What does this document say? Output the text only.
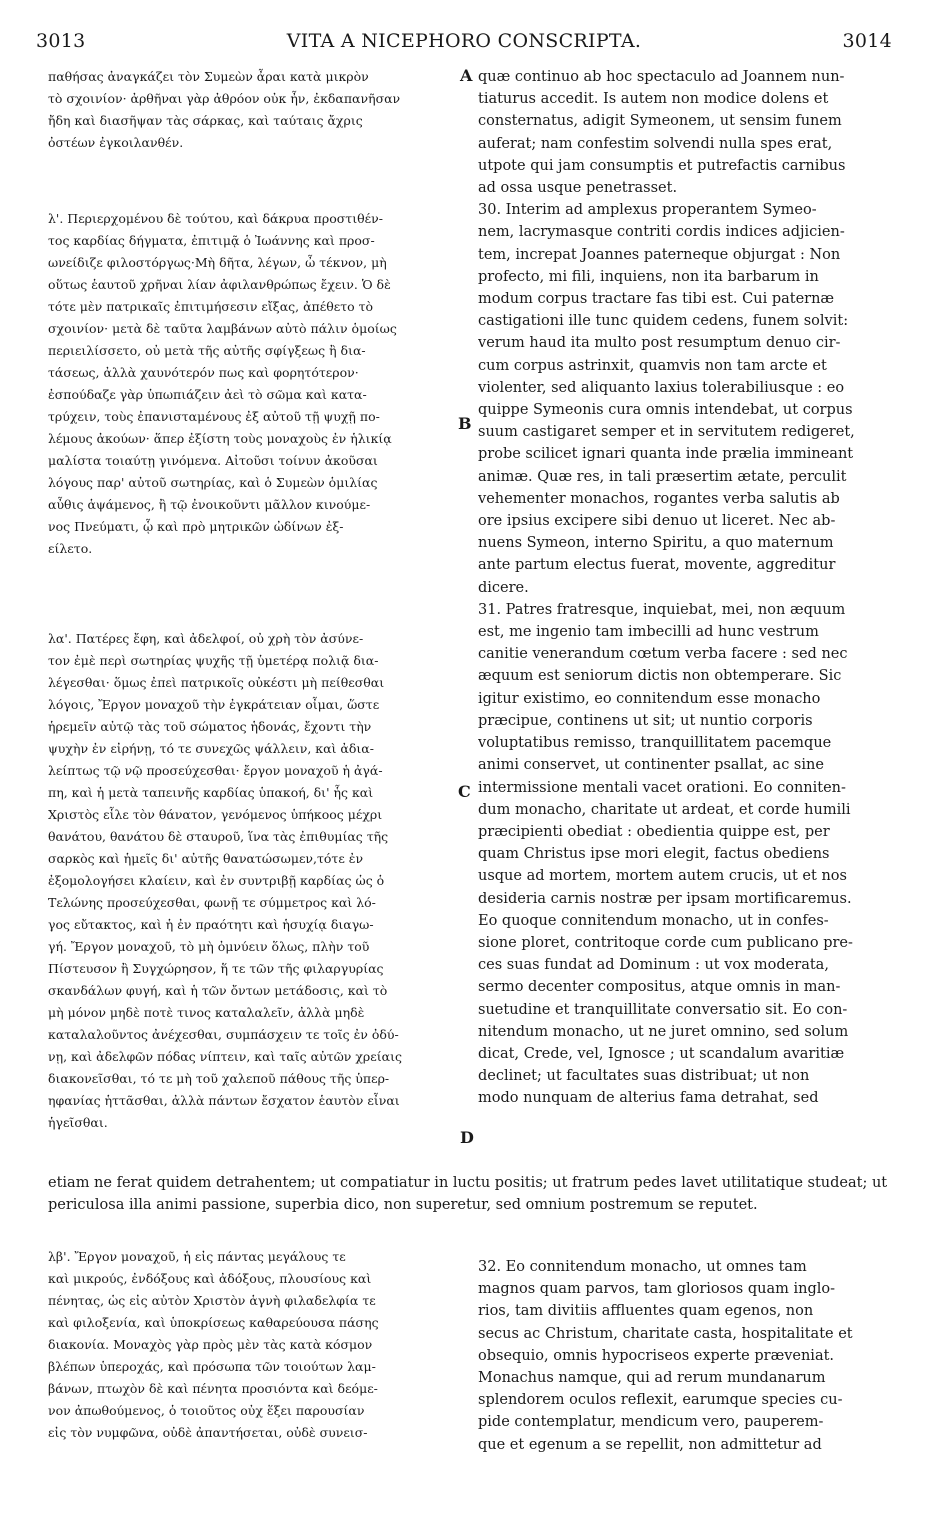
3013	VITA A NICEPHORO CONSCRIPTA.	3014
A
B
C
D
παθήσας ἀναγκάζει τὸν Συμεὼν ἆραι κατὰ μικρὸν
τὸ σχοινίον· ἀρθῆναι γὰρ ἀθρόον οὐκ ἦν, ἐκδαπανῆσαν
ἤδη καὶ διασῆψαν τὰς σάρκας, καὶ ταύταις ἄχρις
ὀστέων ἐγκοιλανθέν.
λ'. Περιερχομένου δὲ τούτου, καὶ δάκρυα προστιθέν-
τος καρδίας δήγματα, ἐπιτιμᾷ ὁ Ἰωάννης καὶ προσ-
ωνείδιζε φιλοστόργως·Μὴ δῆτα, λέγων, ὦ τέκνον, μὴ
οὕτως ἑαυτοῦ χρῆναι λίαν ἀφιλανθρώπως ἔχειν. Ὁ δὲ
τότε μὲν πατρικαῖς ἐπιτιμήσεσιν εἴξας, ἀπέθετο τὸ
σχοινίον· μετὰ δὲ ταῦτα λαμβάνων αὐτὸ πάλιν ὁμοίως
περιειλίσσετο, οὐ μετὰ τῆς αὐτῆς σφίγξεως ἢ δια-
τάσεως, ἀλλὰ χαυνότερόν πως καὶ φορητότερον·
ἐσπούδαζε γὰρ ὑπωπιάζειν ἀεὶ τὸ σῶμα καὶ κατα-
τρύχειν, τοὺς ἐπανισταμένους ἐξ αὐτοῦ τῇ ψυχῇ πο-
λέμους ἀκούων· ἅπερ ἐξίστη τοὺς μοναχοὺς ἐν ἡλικίᾳ
μαλίστα τοιαύτῃ γινόμενα. Αἰτοῦσι τοίνυν ἀκοῦσαι
λόγους παρ' αὐτοῦ σωτηρίας, καὶ ὁ Συμεὼν ὁμιλίας
αὖθις ἁψάμενος, ἢ τῷ ἐνοικοῦντι μᾶλλον κινούμε-
νος Πνεύματι, ᾧ καὶ πρὸ μητρικῶν ὠδίνων ἐξ-
είλετο.
λα'. Πατέρες ἔφη, καὶ ἀδελφοί, οὐ χρὴ τὸν ἀσύνε-
τον ἐμὲ περὶ σωτηρίας ψυχῆς τῇ ὑμετέρᾳ πολιᾷ δια-
λέγεσθαι· ὅμως ἐπεὶ πατρικοῖς οὐκέστι μὴ πείθεσθαι
λόγοις, Ἔργον μοναχοῦ τὴν ἐγκράτειαν οἶμαι, ὥστε
ἡρεμεῖν αὐτῷ τὰς τοῦ σώματος ἡδονάς, ἔχοντι τὴν
ψυχὴν ἐν εἰρήνῃ, τό τε συνεχῶς ψάλλειν, καὶ ἀδια-
λείπτως τῷ νῷ προσεύχεσθαι· ἔργον μοναχοῦ ἡ ἀγά-
πη, καὶ ἡ μετὰ ταπεινῆς καρδίας ὑπακοή, δι' ἧς καὶ
Χριστὸς εἷλε τὸν θάνατον, γενόμενος ὑπήκοος μέχρι
θανάτου, θανάτου δὲ σταυροῦ, ἵνα τὰς ἐπιθυμίας τῆς
σαρκὸς καὶ ἡμεῖς δι' αὐτῆς θανατώσωμεν,τότε ἐν
ἐξομολογήσει κλαίειν, καὶ ἐν συντριβῇ καρδίας ὡς ὁ
Τελώνης προσεύχεσθαι, φωνῇ τε σύμμετρος καὶ λό-
γος εὔτακτος, καὶ ἡ ἐν πραότητι καὶ ἡσυχίᾳ διαγω-
γή. Ἔργον μοναχοῦ, τὸ μὴ ὀμνύειν ὅλως, πλὴν τοῦ
Πίστευσον ἢ Συγχώρησον, ἥ τε τῶν τῆς φιλαργυρίας
σκανδάλων φυγή, καὶ ἡ τῶν ὄντων μετάδοσις, καὶ τὸ
μὴ μόνον μηδὲ ποτὲ τινος καταλαλεῖν, ἀλλὰ μηδὲ
καταλαλοῦντος ἀνέχεσθαι, συμπάσχειν τε τοῖς ἐν ὀδύ-
νῃ, καὶ ἀδελφῶν πόδας νίπτειν, καὶ ταῖς αὐτῶν χρείαις
διακονεῖσθαι, τό τε μὴ τοῦ χαλεποῦ πάθους τῆς ὑπερ-
ηφανίας ἡττᾶσθαι, ἀλλὰ πάντων ἔσχατον ἑαυτὸν εἶναι
ἡγεῖσθαι.
quæ continuo ab hoc spectaculo ad Joannem nun-
tiaturus accedit. Is autem non modice dolens et
consternatus, adigit Symeonem, ut sensim funem
auferat; nam confestim solvendi nulla spes erat,
utpote qui jam consumptis et putrefactis carnibus
ad ossa usque penetrasset.
30. Interim ad amplexus properantem Symeo-
nem, lacrymasque contriti cordis indices adjicien-
tem, increpat Joannes paterneque objurgat : Non
profecto, mi fili, inquiens, non ita barbarum in
modum corpus tractare fas tibi est. Cui paternæ
castigationi ille tunc quidem cedens, funem solvit:
verum haud ita multo post resumptum denuo cir-
cum corpus astrinxit, quamvis non tam arcte et
violenter, sed aliquanto laxius tolerabiliusque : eo
quippe Symeonis cura omnis intendebat, ut corpus
suum castigaret semper et in servitutem redigeret,
probe scilicet ignari quanta inde prælia immineant
animæ. Quæ res, in tali præsertim ætate, perculit
vehementer monachos, rogantes verba salutis ab
ore ipsius excipere sibi denuo ut liceret. Nec ab-
nuens Symeon, interno Spiritu, a quo maternum
ante partum electus fuerat, movente, aggreditur
dicere.
31. Patres fratresque, inquiebat, mei, non æquum
est, me ingenio tam imbecilli ad hunc vestrum
canitie venerandum cœtum verba facere : sed nec
æquum est seniorum dictis non obtemperare. Sic
igitur existimo, eo connitendum esse monacho
præcipue, continens ut sit; ut nuntio corporis
voluptatibus remisso, tranquillitatem pacemque
animi conservet, ut continenter psallat, ac sine
intermissione mentali vacet orationi. Eo conniten-
dum monacho, charitate ut ardeat, et corde humili
præcipienti obediat : obedientia quippe est, per
quam Christus ipse mori elegit, factus obediens
usque ad mortem, mortem autem crucis, ut et nos
desideria carnis nostræ per ipsam mortificaremus.
Eo quoque connitendum monacho, ut in confes-
sione ploret, contritoque corde cum publicano pre-
ces suas fundat ad Dominum : ut vox moderata,
sermo decenter compositus, atque omnis in man-
suetudine et tranquillitate conversatio sit. Eo con-
nitendum monacho, ut ne juret omnino, sed solum
dicat, Crede, vel, Ignosce ; ut scandalum avaritiæ
declinet; ut facultates suas distribuat; ut non
modo nunquam de alterius fama detrahat, sed
etiam ne ferat quidem detrahentem; ut compatiatur in luctu positis; ut fratrum pedes lavet utilitatique studeat; ut periculosa illa animi passione, superbia dico, non superetur, sed omnium postremum se reputet.
λβ'. Ἔργον μοναχοῦ, ἡ εἰς πάντας μεγάλους τε
καὶ μικρούς, ἐνδόξους καὶ ἀδόξους, πλουσίους καὶ
πένητας, ὡς εἰς αὐτὸν Χριστὸν ἁγνὴ φιλαδελφία τε
καὶ φιλοξενία, καὶ ὑποκρίσεως καθαρεύουσα πάσης
διακονία. Μοναχὸς γὰρ πρὸς μὲν τὰς κατὰ κόσμον
βλέπων ὑπεροχάς, καὶ πρόσωπα τῶν τοιούτων λαμ-
βάνων, πτωχὸν δὲ καὶ πένητα προσιόντα καὶ δεόμε-
νον ἀπωθούμενος, ὁ τοιοῦτος οὐχ ἕξει παρουσίαν
εἰς τὸν νυμφῶνα, οὐδὲ ἀπαντήσεται, οὐδὲ συνεισ-
32. Eo connitendum monacho, ut omnes tam
magnos quam parvos, tam gloriosos quam inglo-
rios, tam divitiis affluentes quam egenos, non
secus ac Christum, charitate casta, hospitalitate et
obsequio, omnis hypocriseos experte præveniat.
Monachus namque, qui ad rerum mundanarum
splendorem oculos reflexit, earumque species cu-
pide contemplatur, mendicum vero, pauperem-
que et egenum a se repellit, non admittetur ad
